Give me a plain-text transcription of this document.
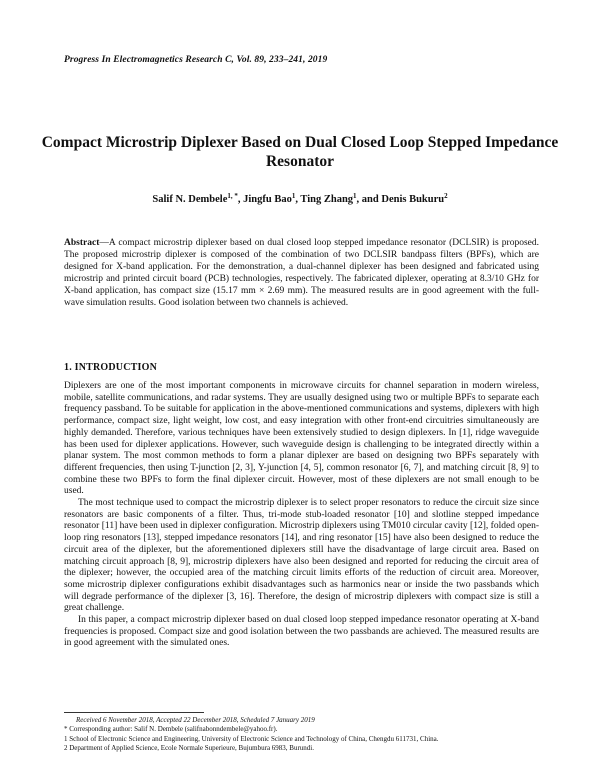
Progress In Electromagnetics Research C, Vol. 89, 233–241, 2019
Compact Microstrip Diplexer Based on Dual Closed Loop Stepped Impedance Resonator
Salif N. Dembele$^{1, *}$, Jingfu Bao$^1$, Ting Zhang$^1$, and Denis Bukuru$^2$
Abstract—A compact microstrip diplexer based on dual closed loop stepped impedance resonator (DCLSIR) is proposed. The proposed microstrip diplexer is composed of the combination of two DCLSIR bandpass filters (BPFs), which are designed for X-band application. For the demonstration, a dual-channel diplexer has been designed and fabricated using microstrip and printed circuit board (PCB) technologies, respectively. The fabricated diplexer, operating at 8.3/10 GHz for X-band application, has compact size (15.17 mm × 2.69 mm). The measured results are in good agreement with the full-wave simulation results. Good isolation between two channels is achieved.
1. INTRODUCTION

Diplexers are one of the most important components in microwave circuits for channel separation in modern wireless, mobile, satellite communications, and radar systems. They are usually designed using two or multiple BPFs to separate each frequency passband. To be suitable for application in the above-mentioned communications and systems, diplexers with high performance, compact size, light weight, low cost, and easy integration with other front-end circuitries simultaneously are highly demanded. Therefore, various techniques have been extensively studied to design diplexers. In [1], ridge waveguide has been used for diplexer applications. However, such waveguide design is challenging to be integrated directly within a planar system. The most common methods to form a planar diplexer are based on designing two BPFs separately with different frequencies, then using T-junction [2, 3], Y-junction [4, 5], common resonator [6, 7], and matching circuit [8, 9] to combine these two BPFs to form the final diplexer circuit. However, most of these diplexers are not small enough to be used.

The most technique used to compact the microstrip diplexer is to select proper resonators to reduce the circuit size since resonators are basic components of a filter. Thus, tri-mode stub-loaded resonator [10] and slotline stepped impedance resonator [11] have been used in diplexer configuration. Microstrip diplexers using TM010 circular cavity [12], folded open-loop ring resonators [13], stepped impedance resonators [14], and ring resonator [15] have also been designed to reduce the circuit area of the diplexer, but the aforementioned diplexers still have the disadvantage of large circuit area. Based on matching circuit approach [8, 9], microstrip diplexers have also been designed and reported for reducing the circuit area of the diplexer; however, the occupied area of the matching circuit limits efforts of the reduction of circuit area. Moreover, some microstrip diplexer configurations exhibit disadvantages such as harmonics near or inside the two passbands which will degrade performance of the diplexer [3, 16]. Therefore, the design of microstrip diplexers with compact size is still a great challenge.

In this paper, a compact microstrip diplexer based on dual closed loop stepped impedance resonator operating at X-band frequencies is proposed. Compact size and good isolation between the two passbands are achieved. The measured results are in good agreement with the simulated ones.

Received 6 November 2018, Accepted 22 December 2018, Scheduled 7 January 2019
* Corresponding author: Salif N. Dembele (salifnabonndembele@yahoo.fr).
1 School of Electronic Science and Engineering, University of Electronic Science and Technology of China, Chengdu 611731, China.
2 Department of Applied Science, Ecole Normale Superieure, Bujumbura 6983, Burundi.
